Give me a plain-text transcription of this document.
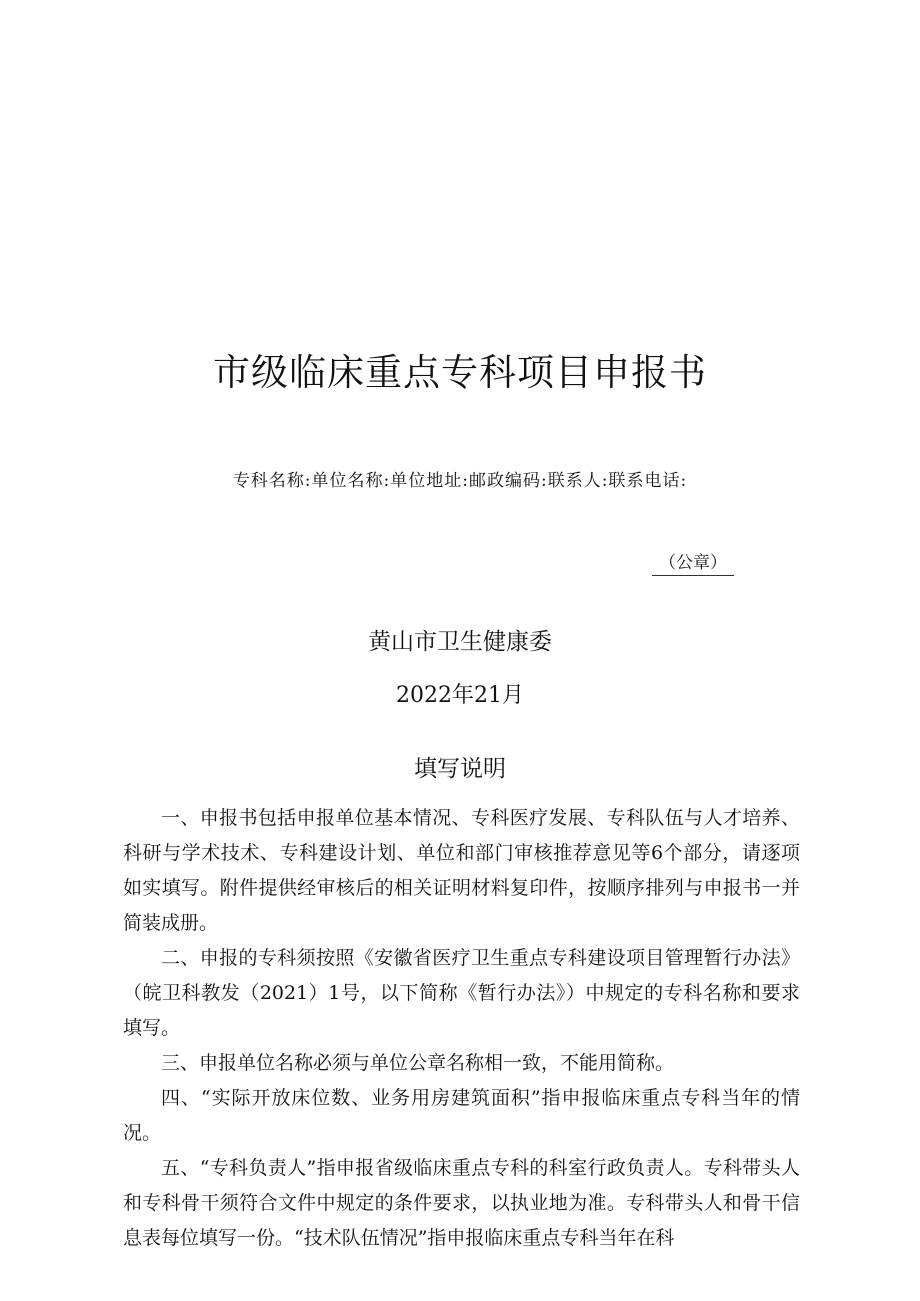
市级临床重点专科项目申报书

专科名称:单位名称:单位地址:邮政编码:联系人:联系电话:

（公章）

黄山市卫生健康委

2022年21月

填写说明

一、申报书包括申报单位基本情况、专科医疗发展、专科队伍与人才培养、科研与学术技术、专科建设计划、单位和部门审核推荐意见等6个部分，请逐项如实填写。附件提供经审核后的相关证明材料复印件，按顺序排列与申报书一并简装成册。

二、申报的专科须按照《安徽省医疗卫生重点专科建设项目管理暂行办法》（皖卫科教发（2021）1号，以下简称《暂行办法》）中规定的专科名称和要求填写。

三、申报单位名称必须与单位公章名称相一致，不能用简称。

四、“实际开放床位数、业务用房建筑面积”指申报临床重点专科当年的情况。

五、“专科负责人”指申报省级临床重点专科的科室行政负责人。专科带头人和专科骨干须符合文件中规定的条件要求，以执业地为准。专科带头人和骨干信息表每位填写一份。“技术队伍情况”指申报临床重点专科当年在科
